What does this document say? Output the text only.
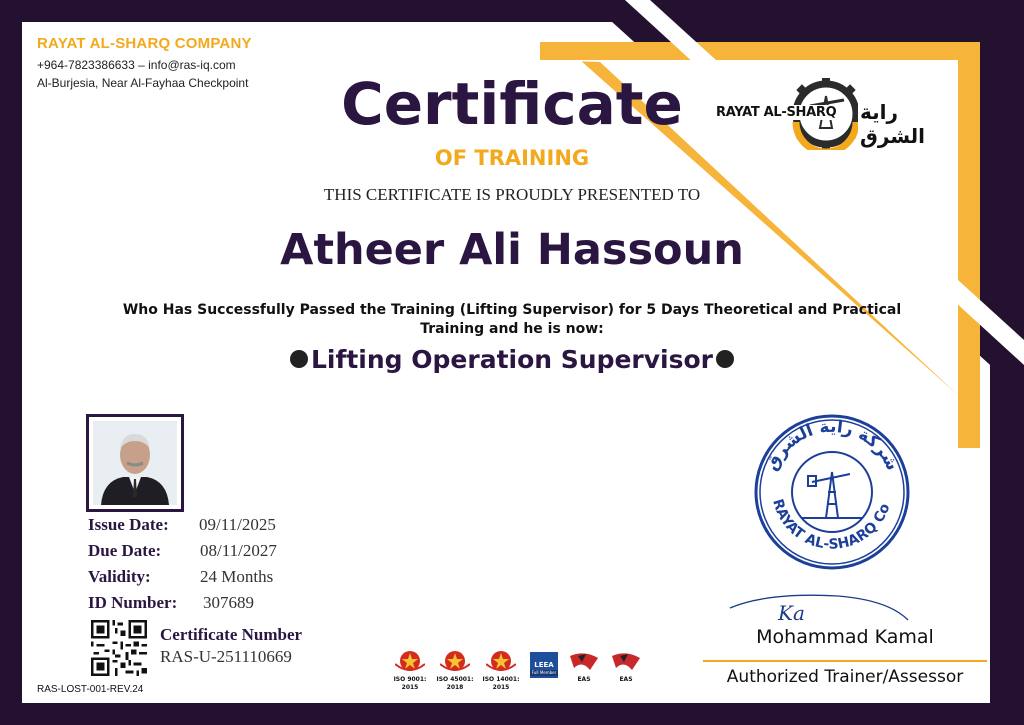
RAYAT AL-SHARQ COMPANY
+964-7823386633 – info@ras-iq.com
Al-Burjesia, Near Al-Fayhaa Checkpoint
RAYAT AL-SHARQ راية الشرق
Certificate
OF TRAINING
THIS CERTIFICATE IS PROUDLY PRESENTED TO
Atheer Ali Hassoun
Who Has Successfully Passed the Training (Lifting Supervisor) for 5 Days Theoretical and Practical Training and he is now:
Lifting Operation Supervisor
Issue Date: 09/11/2025
Due Date: 08/11/2027
Validity:	24 Months
ID Number: 307689
Certificate Number
RAS-U-251110669
RAS-LOST-001-REV.24
ISO 9001:
2015
ISO 45001:
2018
ISO 14001:
2015
LEEA
Full Member
EAS	EAS
شركة راية الشرق
RAYAT AL-SHARQ Co
Ka
Mohammad Kamal
Authorized Trainer/Assessor
